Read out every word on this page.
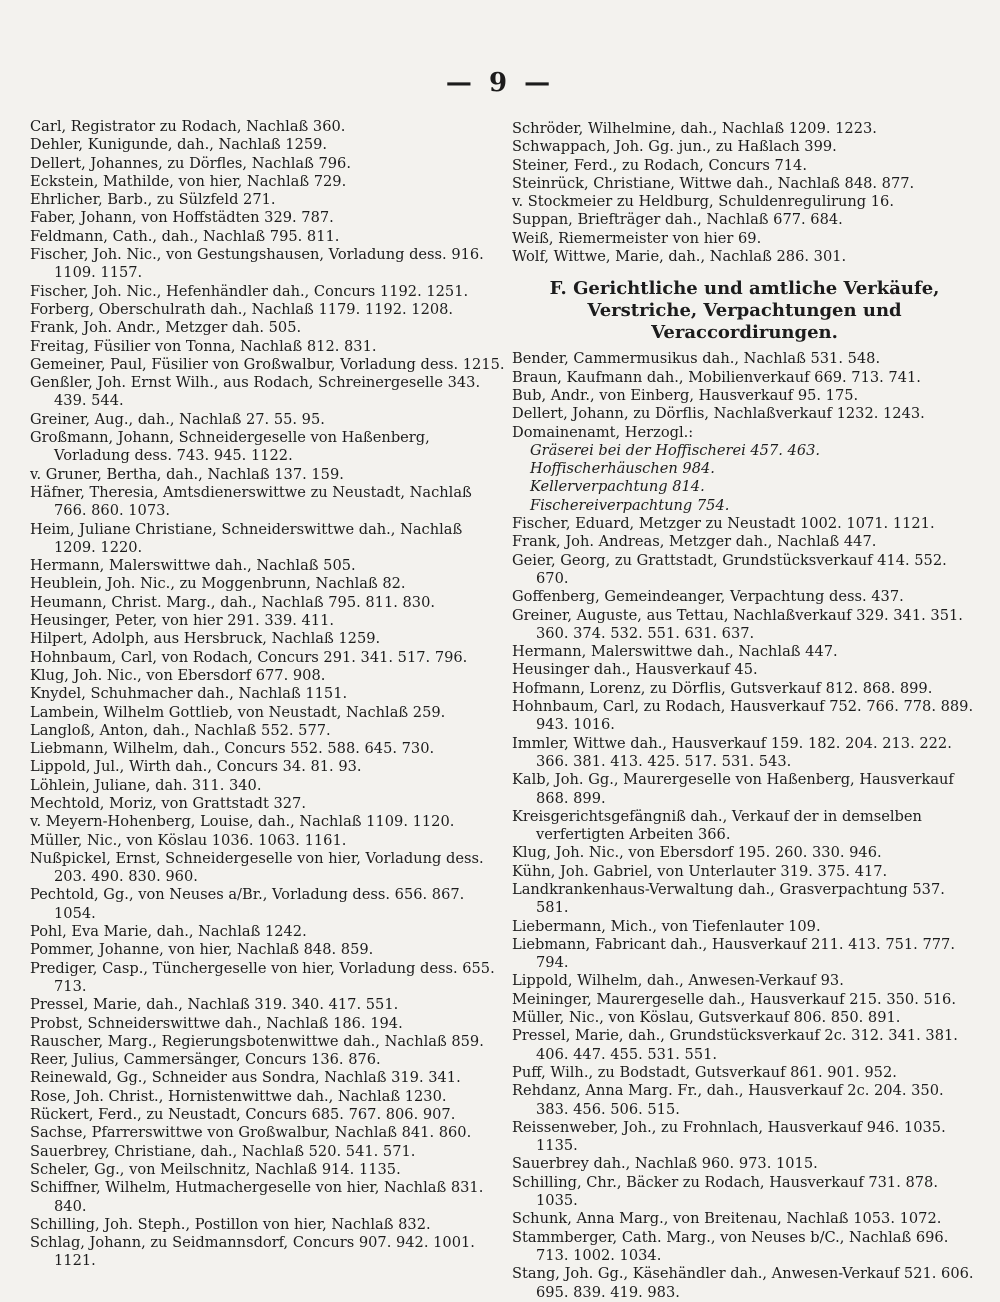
— 9 —

Carl, Registrator zu Rodach, Nachlaß 360.

Dehler, Kunigunde, dah., Nachlaß 1259.

Dellert, Johannes, zu Dörfles, Nachlaß 796.

Eckstein, Mathilde, von hier, Nachlaß 729.

Ehrlicher, Barb., zu Sülzfeld 271.

Faber, Johann, von Hoffstädten 329. 787.

Feldmann, Cath., dah., Nachlaß 795. 811.

Fischer, Joh. Nic., von Gestungshausen, Vorladung dess. 916. 1109. 1157.

Fischer, Joh. Nic., Hefenhändler dah., Concurs 1192. 1251.

Forberg, Oberschulrath dah., Nachlaß 1179. 1192. 1208.

Frank, Joh. Andr., Metzger dah. 505.

Freitag, Füsilier von Tonna, Nachlaß 812. 831.

Gemeiner, Paul, Füsilier von Großwalbur, Vorladung dess. 1215.

Genßler, Joh. Ernst Wilh., aus Rodach, Schreinergeselle 343. 439. 544.

Greiner, Aug., dah., Nachlaß 27. 55. 95.

Großmann, Johann, Schneidergeselle von Haßenberg, Vorladung dess. 743. 945. 1122.

v. Gruner, Bertha, dah., Nachlaß 137. 159.

Häfner, Theresia, Amtsdienerswittwe zu Neustadt, Nachlaß 766. 860. 1073.

Heim, Juliane Christiane, Schneiderswittwe dah., Nachlaß 1209. 1220.

Hermann, Malerswittwe dah., Nachlaß 505.

Heublein, Joh. Nic., zu Moggenbrunn, Nachlaß 82.

Heumann, Christ. Marg., dah., Nachlaß 795. 811. 830.

Heusinger, Peter, von hier 291. 339. 411.

Hilpert, Adolph, aus Hersbruck, Nachlaß 1259.

Hohnbaum, Carl, von Rodach, Concurs 291. 341. 517. 796.

Klug, Joh. Nic., von Ebersdorf 677. 908.

Knydel, Schuhmacher dah., Nachlaß 1151.

Lambein, Wilhelm Gottlieb, von Neustadt, Nachlaß 259.

Langloß, Anton, dah., Nachlaß 552. 577.

Liebmann, Wilhelm, dah., Concurs 552. 588. 645. 730.

Lippold, Jul., Wirth dah., Concurs 34. 81. 93.

Löhlein, Juliane, dah. 311. 340.

Mechtold, Moriz, von Grattstadt 327.

v. Meyern-Hohenberg, Louise, dah., Nachlaß 1109. 1120.

Müller, Nic., von Köslau 1036. 1063. 1161.

Nußpickel, Ernst, Schneidergeselle von hier, Vorladung dess. 203. 490. 830. 960.

Pechtold, Gg., von Neuses a/Br., Vorladung dess. 656. 867. 1054.

Pohl, Eva Marie, dah., Nachlaß 1242.

Pommer, Johanne, von hier, Nachlaß 848. 859.

Prediger, Casp., Tünchergeselle von hier, Vorladung dess. 655. 713.

Pressel, Marie, dah., Nachlaß 319. 340. 417. 551.

Probst, Schneiderswittwe dah., Nachlaß 186. 194.

Rauscher, Marg., Regierungsbotenwittwe dah., Nachlaß 859.

Reer, Julius, Cammersänger, Concurs 136. 876.

Reinewald, Gg., Schneider aus Sondra, Nachlaß 319. 341.

Rose, Joh. Christ., Hornistenwittwe dah., Nachlaß 1230.

Rückert, Ferd., zu Neustadt, Concurs 685. 767. 806. 907.

Sachse, Pfarrerswittwe von Großwalbur, Nachlaß 841. 860.

Sauerbrey, Christiane, dah., Nachlaß 520. 541. 571.

Scheler, Gg., von Meilschnitz, Nachlaß 914. 1135.

Schiffner, Wilhelm, Hutmachergeselle von hier, Nachlaß 831. 840.

Schilling, Joh. Steph., Postillon von hier, Nachlaß 832.

Schlag, Johann, zu Seidmannsdorf, Concurs 907. 942. 1001. 1121.

Schröder, Wilhelmine, dah., Nachlaß 1209. 1223.

Schwappach, Joh. Gg. jun., zu Haßlach 399.

Steiner, Ferd., zu Rodach, Concurs 714.

Steinrück, Christiane, Wittwe dah., Nachlaß 848. 877.

v. Stockmeier zu Heldburg, Schuldenregulirung 16.

Suppan, Briefträger dah., Nachlaß 677. 684.

Weiß, Riemermeister von hier 69.

Wolf, Wittwe, Marie, dah., Nachlaß 286. 301.

F. Gerichtliche und amtliche Verkäufe, Verstriche, Verpachtungen und Veraccordirungen.

Bender, Cammermusikus dah., Nachlaß 531. 548.

Braun, Kaufmann dah., Mobilienverkauf 669. 713. 741.

Bub, Andr., von Einberg, Hausverkauf 95. 175.

Dellert, Johann, zu Dörflis, Nachlaßverkauf 1232. 1243.

Domainenamt, Herzogl.:

Gräserei bei der Hoffischerei 457. 463.

Hoffischerhäuschen 984.

Kellerverpachtung 814.

Fischereiverpachtung 754.

Fischer, Eduard, Metzger zu Neustadt 1002. 1071. 1121.

Frank, Joh. Andreas, Metzger dah., Nachlaß 447.

Geier, Georg, zu Grattstadt, Grundstücksverkauf 414. 552. 670.

Goffenberg, Gemeindeanger, Verpachtung dess. 437.

Greiner, Auguste, aus Tettau, Nachlaßverkauf 329. 341. 351. 360. 374. 532. 551. 631. 637.

Hermann, Malerswittwe dah., Nachlaß 447.

Heusinger dah., Hausverkauf 45.

Hofmann, Lorenz, zu Dörflis, Gutsverkauf 812. 868. 899.

Hohnbaum, Carl, zu Rodach, Hausverkauf 752. 766. 778. 889. 943. 1016.

Immler, Wittwe dah., Hausverkauf 159. 182. 204. 213. 222. 366. 381. 413. 425. 517. 531. 543.

Kalb, Joh. Gg., Maurergeselle von Haßenberg, Hausverkauf 868. 899.

Kreisgerichtsgefängniß dah., Verkauf der in demselben verfertigten Arbeiten 366.

Klug, Joh. Nic., von Ebersdorf 195. 260. 330. 946.

Kühn, Joh. Gabriel, von Unterlauter 319. 375. 417.

Landkrankenhaus-Verwaltung dah., Grasverpachtung 537. 581.

Liebermann, Mich., von Tiefenlauter 109.

Liebmann, Fabricant dah., Hausverkauf 211. 413. 751. 777. 794.

Lippold, Wilhelm, dah., Anwesen-Verkauf 93.

Meininger, Maurergeselle dah., Hausverkauf 215. 350. 516.

Müller, Nic., von Köslau, Gutsverkauf 806. 850. 891.

Pressel, Marie, dah., Grundstücksverkauf 2c. 312. 341. 381. 406. 447. 455. 531. 551.

Puff, Wilh., zu Bodstadt, Gutsverkauf 861. 901. 952.

Rehdanz, Anna Marg. Fr., dah., Hausverkauf 2c. 204. 350. 383. 456. 506. 515.

Reissenweber, Joh., zu Frohnlach, Hausverkauf 946. 1035. 1135.

Sauerbrey dah., Nachlaß 960. 973. 1015.

Schilling, Chr., Bäcker zu Rodach, Hausverkauf 731. 878. 1035.

Schunk, Anna Marg., von Breitenau, Nachlaß 1053. 1072.

Stammberger, Cath. Marg., von Neuses b/C., Nachlaß 696. 713. 1002. 1034.

Stang, Joh. Gg., Käsehändler dah., Anwesen-Verkauf 521. 606. 695. 839. 419. 983.
